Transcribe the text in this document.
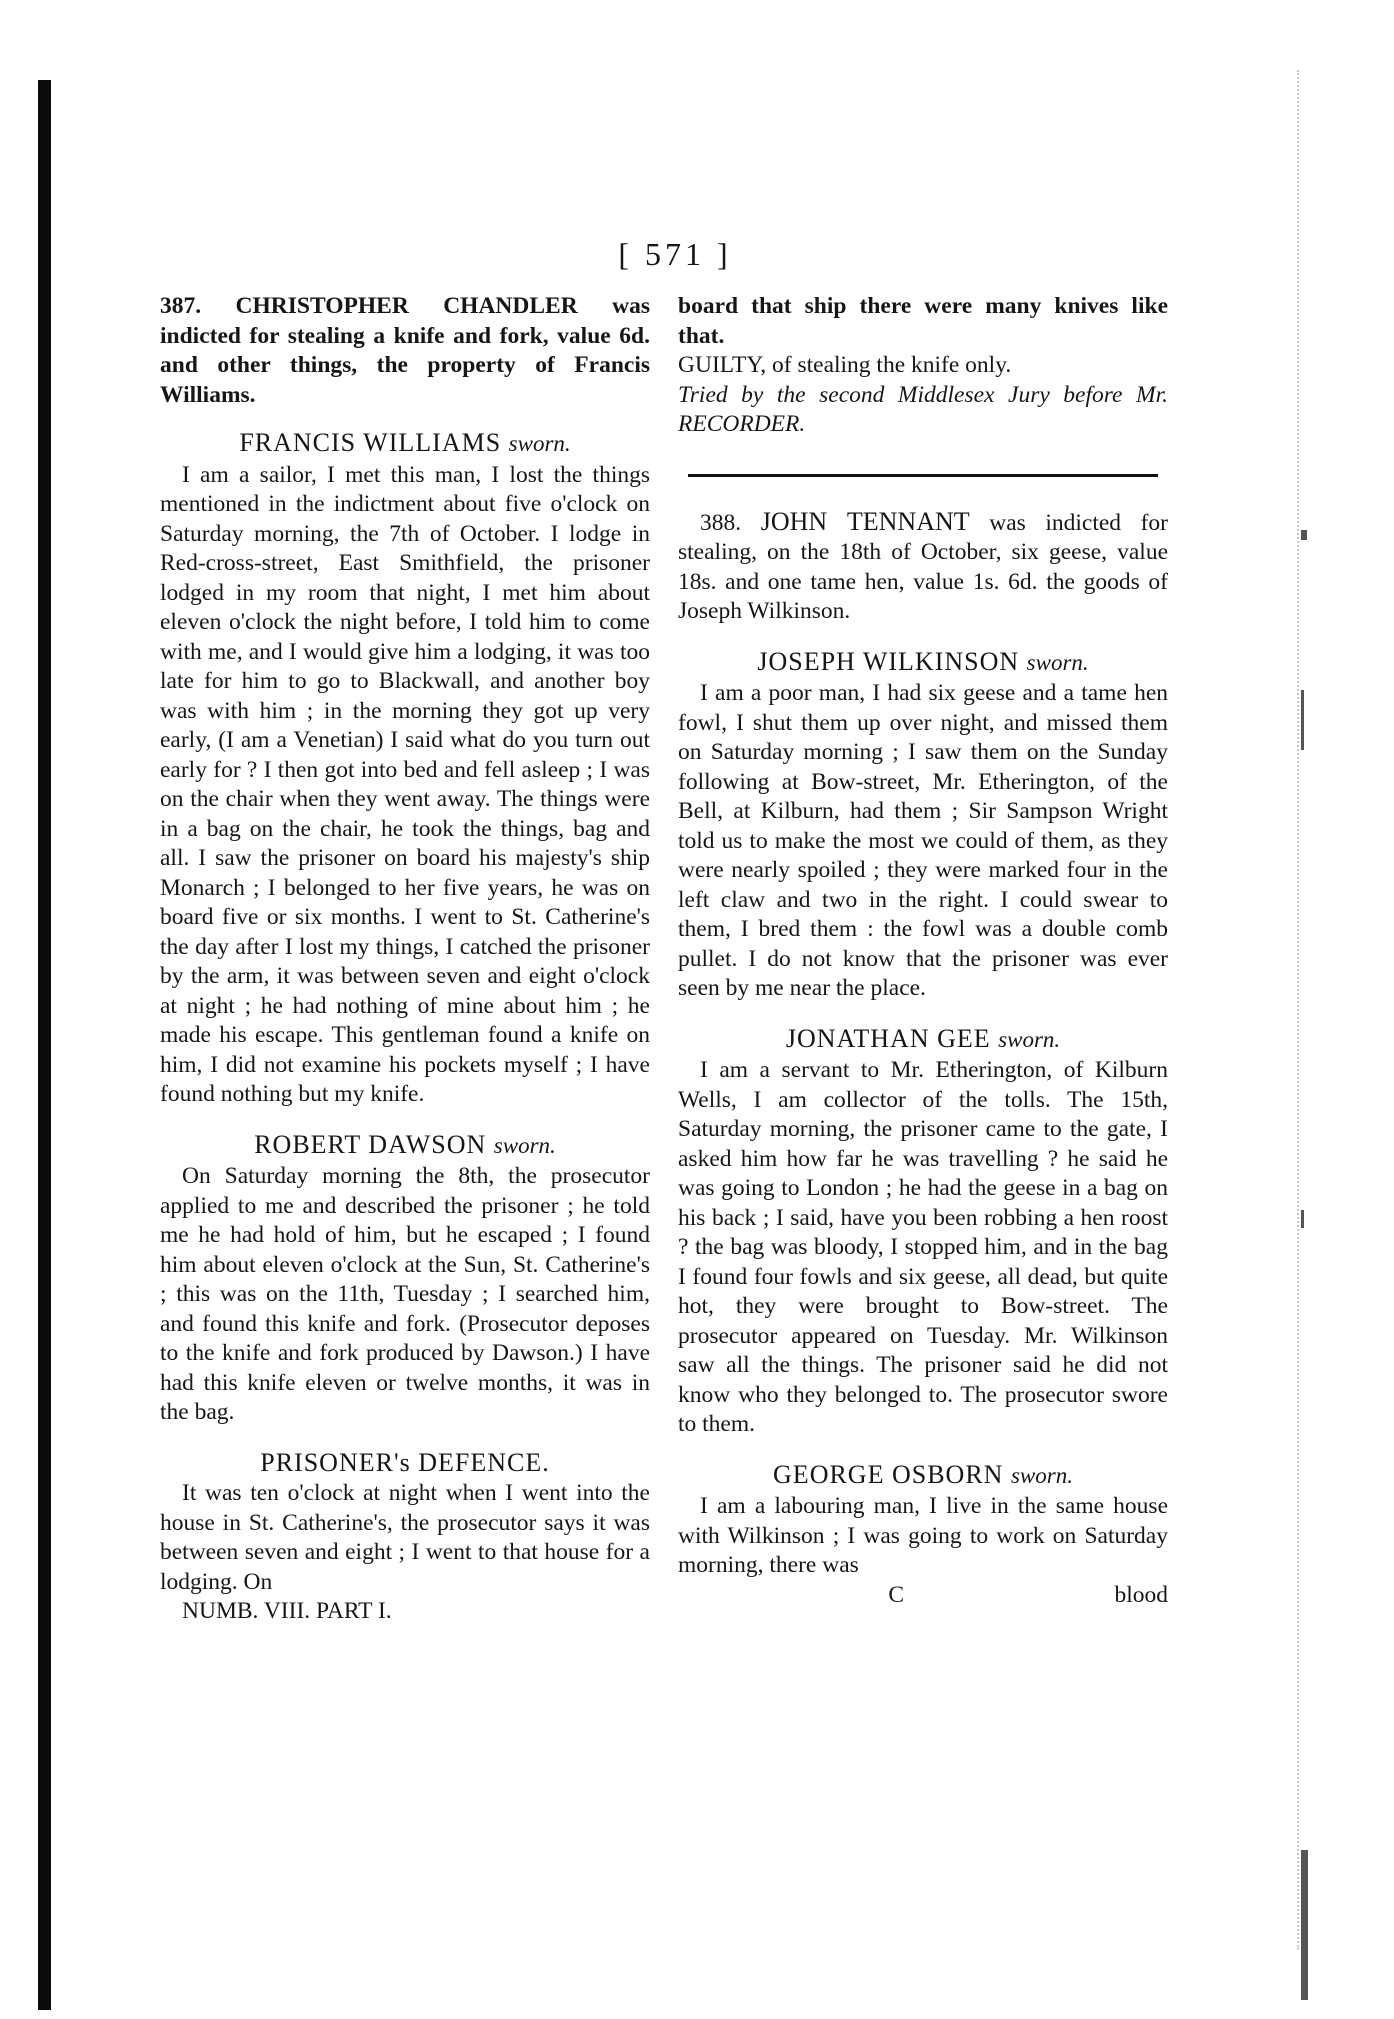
[ 571 ]

387. CHRISTOPHER CHANDLER was indicted for stealing a knife and fork, value 6d. and other things, the property of Francis Williams.

FRANCIS WILLIAMS sworn.

I am a sailor, I met this man, I lost the things mentioned in the indictment about five o'clock on Saturday morning, the 7th of October. I lodge in Red-cross-street, East Smithfield, the prisoner lodged in my room that night, I met him about eleven o'clock the night before, I told him to come with me, and I would give him a lodging, it was too late for him to go to Blackwall, and another boy was with him ; in the morning they got up very early, (I am a Venetian) I said what do you turn out early for ? I then got into bed and fell asleep ; I was on the chair when they went away. The things were in a bag on the chair, he took the things, bag and all. I saw the prisoner on board his majesty's ship Monarch ; I belonged to her five years, he was on board five or six months. I went to St. Catherine's the day after I lost my things, I catched the prisoner by the arm, it was between seven and eight o'clock at night ; he had nothing of mine about him ; he made his escape. This gentleman found a knife on him, I did not examine his pockets myself ; I have found nothing but my knife.

ROBERT DAWSON sworn.

On Saturday morning the 8th, the prosecutor applied to me and described the prisoner ; he told me he had hold of him, but he escaped ; I found him about eleven o'clock at the Sun, St. Catherine's ; this was on the 11th, Tuesday ; I searched him, and found this knife and fork. (Prosecutor deposes to the knife and fork produced by Dawson.) I have had this knife eleven or twelve months, it was in the bag.

PRISONER's DEFENCE.

It was ten o'clock at night when I went into the house in St. Catherine's, the prosecutor says it was between seven and eight ; I went to that house for a lodging. On

NUMB. VIII. PART I.

board that ship there were many knives like that.

GUILTY, of stealing the knife only.

Tried by the second Middlesex Jury before Mr. RECORDER.

388. JOHN TENNANT was indicted for stealing, on the 18th of October, six geese, value 18s. and one tame hen, value 1s. 6d. the goods of Joseph Wilkinson.

JOSEPH WILKINSON sworn.

I am a poor man, I had six geese and a tame hen fowl, I shut them up over night, and missed them on Saturday morning ; I saw them on the Sunday following at Bow-street, Mr. Etherington, of the Bell, at Kilburn, had them ; Sir Sampson Wright told us to make the most we could of them, as they were nearly spoiled ; they were marked four in the left claw and two in the right. I could swear to them, I bred them : the fowl was a double comb pullet. I do not know that the prisoner was ever seen by me near the place.

JONATHAN GEE sworn.

I am a servant to Mr. Etherington, of Kilburn Wells, I am collector of the tolls. The 15th, Saturday morning, the prisoner came to the gate, I asked him how far he was travelling ? he said he was going to London ; he had the geese in a bag on his back ; I said, have you been robbing a hen roost ? the bag was bloody, I stopped him, and in the bag I found four fowls and six geese, all dead, but quite hot, they were brought to Bow-street. The prosecutor appeared on Tuesday. Mr. Wilkinson saw all the things. The prisoner said he did not know who they belonged to. The prosecutor swore to them.

GEORGE OSBORN sworn.

I am a labouring man, I live in the same house with Wilkinson ; I was going to work on Saturday morning, there was

C	blood
